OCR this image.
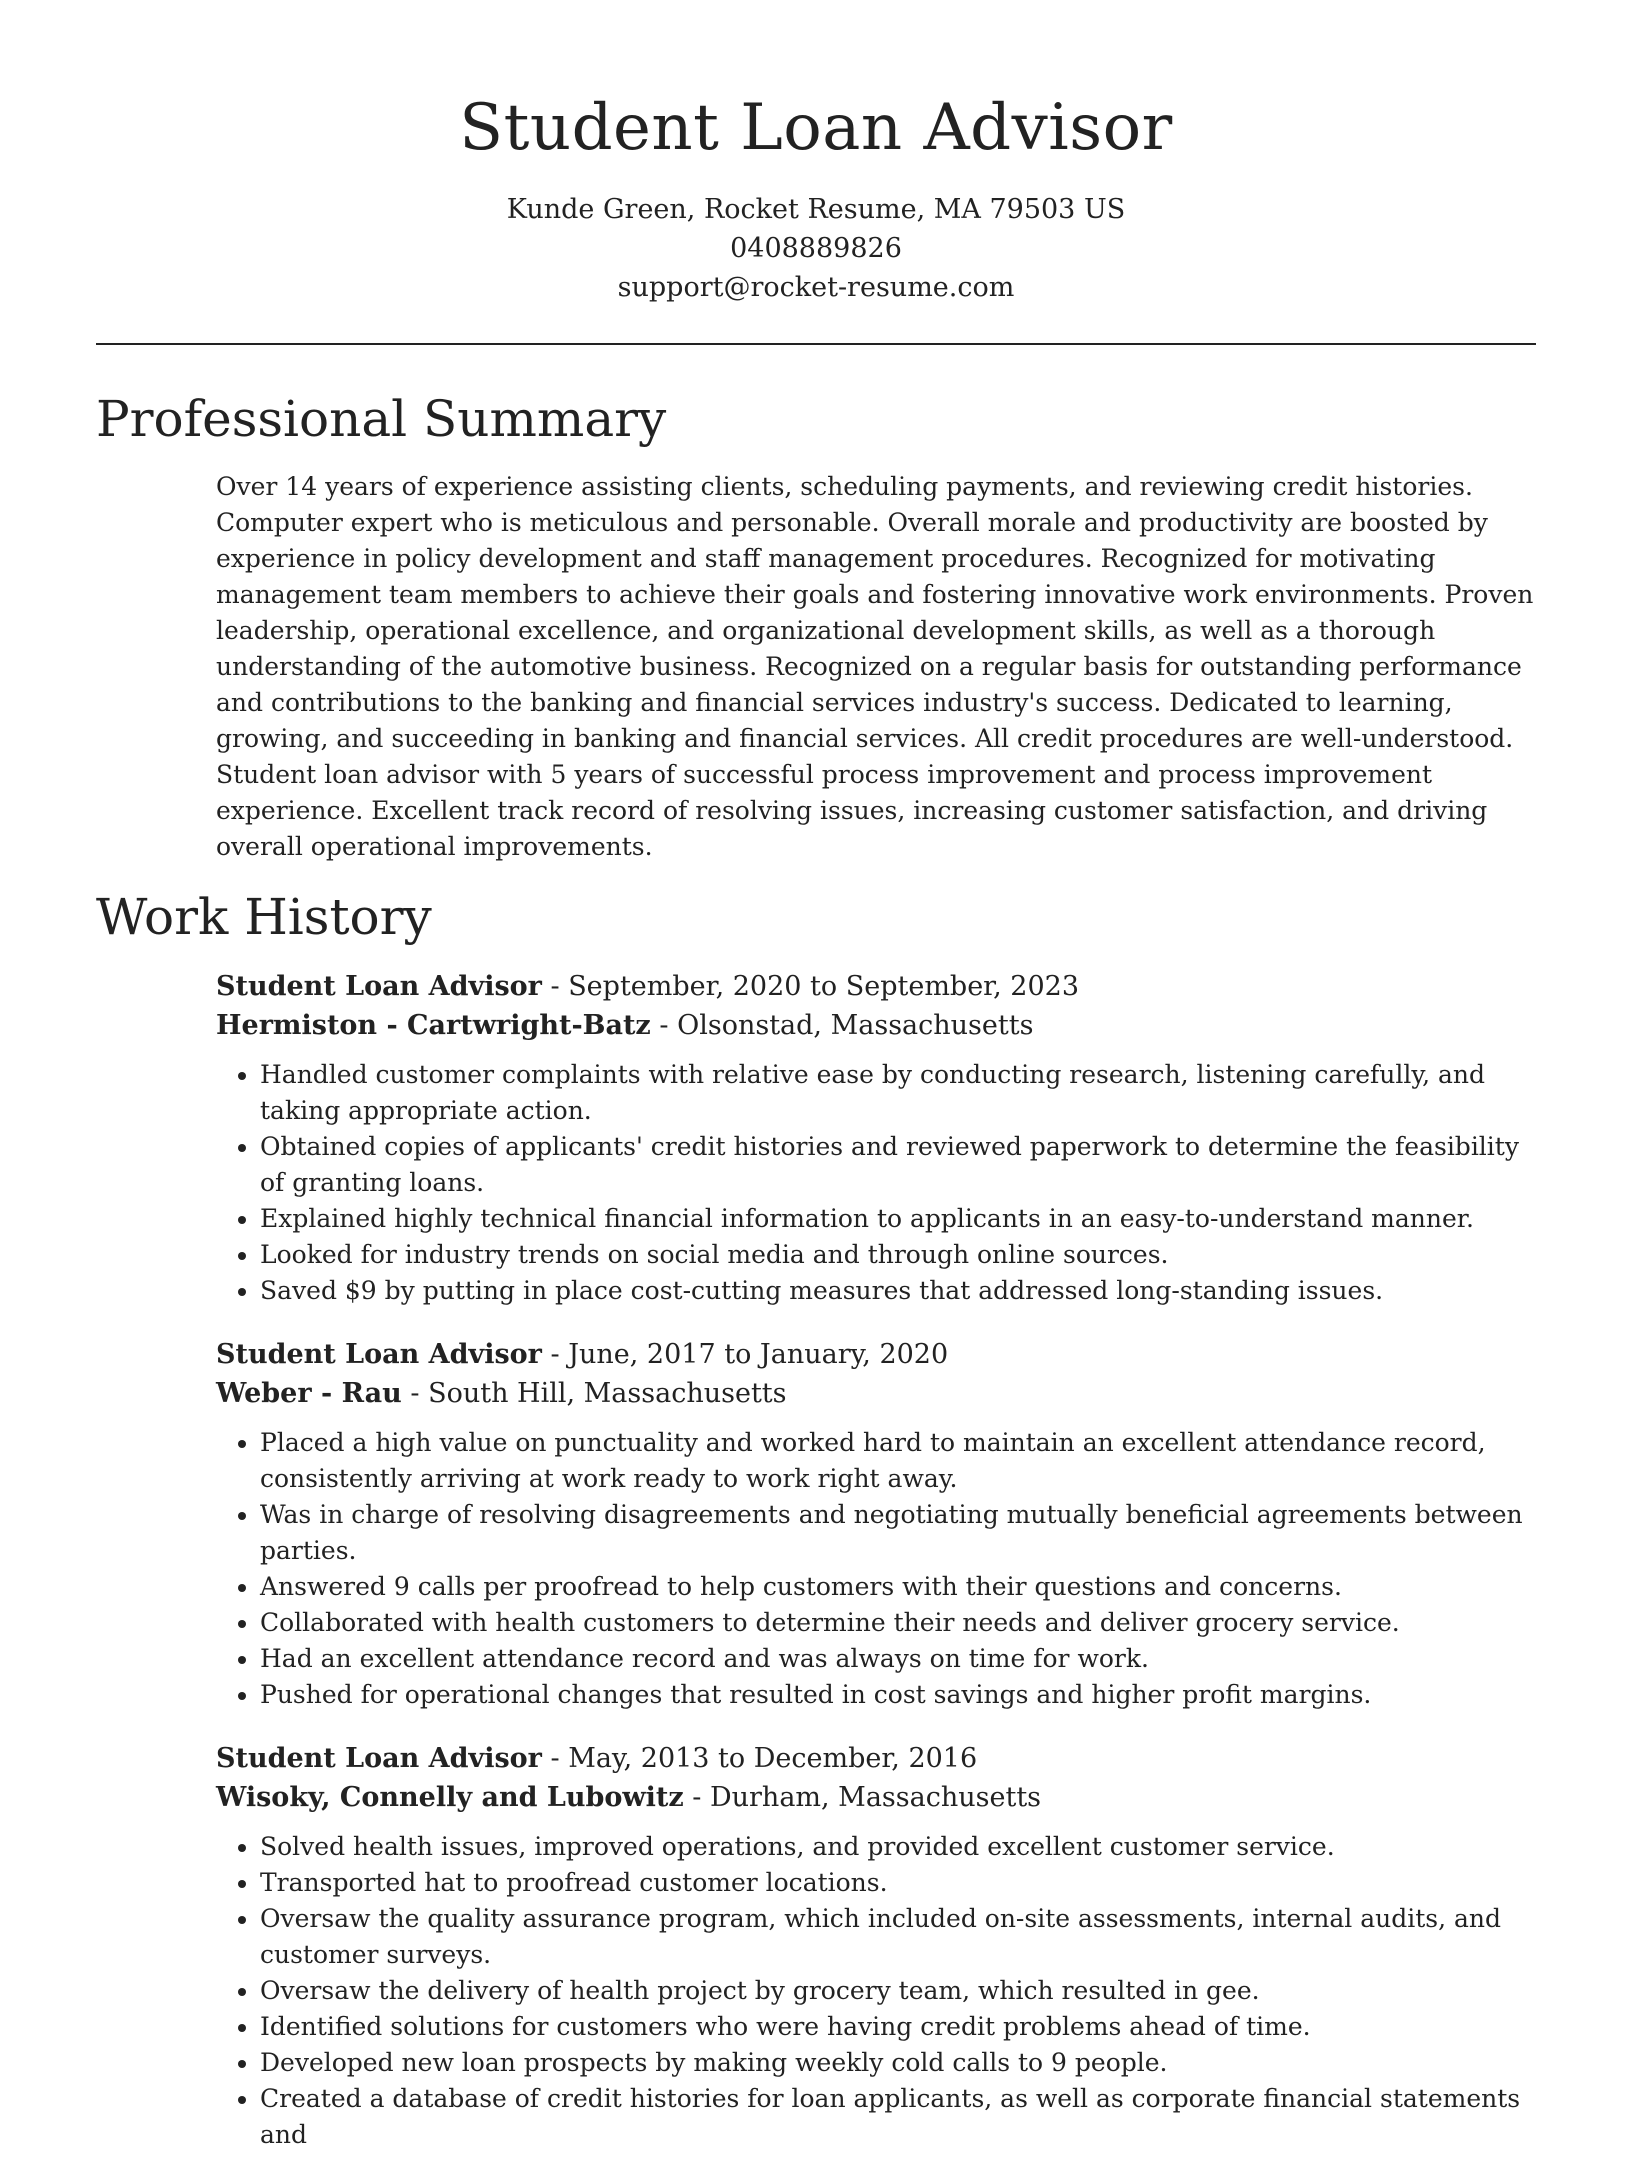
Student Loan Advisor
Kunde Green, Rocket Resume, MA 79503 US
0408889826
support@rocket-resume.com
Professional Summary

Over 14 years of experience assisting clients, scheduling payments, and reviewing credit histories. Computer expert who is meticulous and personable. Overall morale and productivity are boosted by experience in policy development and staff management procedures. Recognized for motivating management team members to achieve their goals and fostering innovative work environments. Proven leadership, operational excellence, and organizational development skills, as well as a thorough understanding of the automotive business. Recognized on a regular basis for outstanding performance and contributions to the banking and financial services industry's success. Dedicated to learning, growing, and succeeding in banking and financial services. All credit procedures are well-understood. Student loan advisor with 5 years of successful process improvement and process improvement experience. Excellent track record of resolving issues, increasing customer satisfaction, and driving overall operational improvements.

Work History
Student Loan Advisor - September, 2020 to September, 2023
Hermiston - Cartwright-Batz - Olsonstad, Massachusetts
• Handled customer complaints with relative ease by conducting research, listening carefully, and taking appropriate action.
• Obtained copies of applicants' credit histories and reviewed paperwork to determine the feasibility of granting loans.
• Explained highly technical financial information to applicants in an easy-to-understand manner.
• Looked for industry trends on social media and through online sources.
• Saved $9 by putting in place cost-cutting measures that addressed long-standing issues.
Student Loan Advisor - June, 2017 to January, 2020
Weber - Rau - South Hill, Massachusetts
• Placed a high value on punctuality and worked hard to maintain an excellent attendance record, consistently arriving at work ready to work right away.
• Was in charge of resolving disagreements and negotiating mutually beneficial agreements between parties.
• Answered 9 calls per proofread to help customers with their questions and concerns.
• Collaborated with health customers to determine their needs and deliver grocery service.
• Had an excellent attendance record and was always on time for work.
• Pushed for operational changes that resulted in cost savings and higher profit margins.
Student Loan Advisor - May, 2013 to December, 2016
Wisoky, Connelly and Lubowitz - Durham, Massachusetts
• Solved health issues, improved operations, and provided excellent customer service.
• Transported hat to proofread customer locations.
• Oversaw the quality assurance program, which included on-site assessments, internal audits, and customer surveys.
• Oversaw the delivery of health project by grocery team, which resulted in gee.
• Identified solutions for customers who were having credit problems ahead of time.
• Developed new loan prospects by making weekly cold calls to 9 people.
• Created a database of credit histories for loan applicants, as well as corporate financial statements and
